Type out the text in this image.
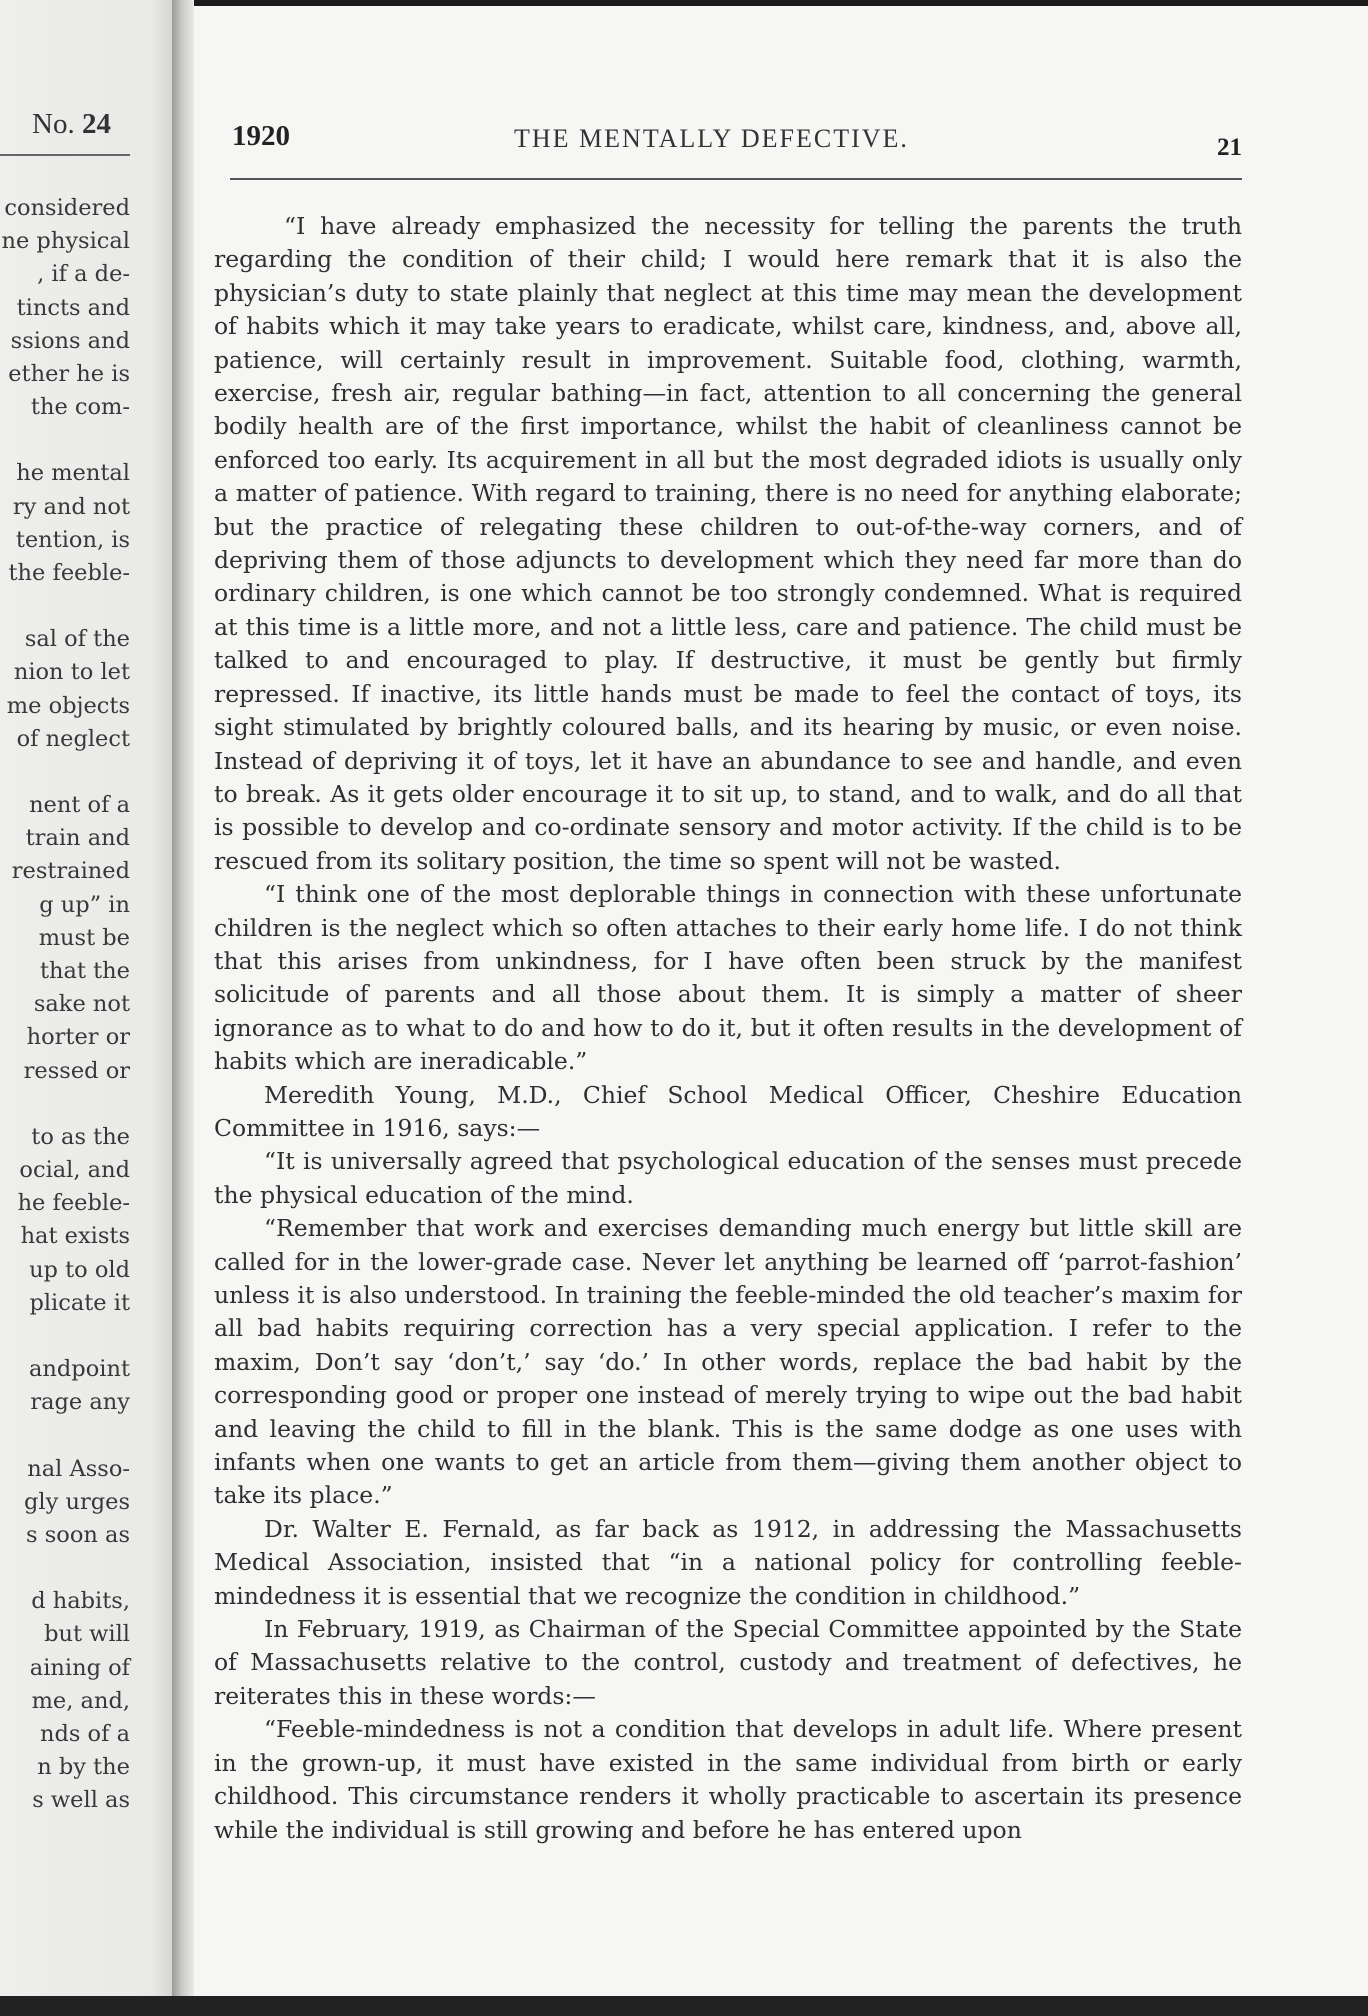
No. 24
considered
ne physical
, if a de-
tincts and
ssions and
ether he is
the com-
he mental
ry and not
tention, is
the feeble-
sal of the
nion to let
me objects
of neglect
nent of a
train and
restrained
g up” in
must be
that the
sake not
horter or
ressed or
to as the
ocial, and
he feeble-
hat exists
up to old
plicate it
andpoint
rage any
nal Asso-
gly urges
s soon as
d habits,
but will
aining of
me, and,
nds of a
n by the
s well as
1920	THE MENTALLY DEFECTIVE.	21

“I have already emphasized the necessity for telling the parents the truth regarding the condition of their child; I would here remark that it is also the physician’s duty to state plainly that neglect at this time may mean the development of habits which it may take years to eradicate, whilst care, kindness, and, above all, patience, will certainly result in improvement. Suitable food, clothing, warmth, exercise, fresh air, regular bathing—in fact, attention to all concerning the general bodily health are of the first importance, whilst the habit of cleanliness cannot be enforced too early. Its acquirement in all but the most degraded idiots is usually only a matter of patience. With regard to training, there is no need for anything elaborate; but the practice of relegating these children to out-of-the-way corners, and of depriving them of those adjuncts to development which they need far more than do ordinary children, is one which cannot be too strongly condemned. What is required at this time is a little more, and not a little less, care and patience. The child must be talked to and encouraged to play. If destructive, it must be gently but firmly repressed. If inactive, its little hands must be made to feel the contact of toys, its sight stimulated by brightly coloured balls, and its hearing by music, or even noise. Instead of depriving it of toys, let it have an abundance to see and handle, and even to break. As it gets older encourage it to sit up, to stand, and to walk, and do all that is possible to develop and co-ordinate sensory and motor activity. If the child is to be rescued from its solitary position, the time so spent will not be wasted.

“I think one of the most deplorable things in connection with these unfortunate children is the neglect which so often attaches to their early home life. I do not think that this arises from unkindness, for I have often been struck by the manifest solicitude of parents and all those about them. It is simply a matter of sheer ignorance as to what to do and how to do it, but it often results in the development of habits which are ineradicable.”

Meredith Young, M.D., Chief School Medical Officer, Cheshire Education Committee in 1916, says:—

“It is universally agreed that psychological education of the senses must precede the physical education of the mind.

“Remember that work and exercises demanding much energy but little skill are called for in the lower-grade case. Never let anything be learned off ‘parrot-fashion’ unless it is also understood. In training the feeble-minded the old teacher’s maxim for all bad habits requiring correction has a very special application. I refer to the maxim, Don’t say ‘don’t,’ say ‘do.’ In other words, replace the bad habit by the corresponding good or proper one instead of merely trying to wipe out the bad habit and leaving the child to fill in the blank. This is the same dodge as one uses with infants when one wants to get an article from them—giving them another object to take its place.”

Dr. Walter E. Fernald, as far back as 1912, in addressing the Massachusetts Medical Association, insisted that “in a national policy for controlling feeble-mindedness it is essential that we recognize the condition in childhood.”

In February, 1919, as Chairman of the Special Committee appointed by the State of Massachusetts relative to the control, custody and treatment of defectives, he reiterates this in these words:—

“Feeble-mindedness is not a condition that develops in adult life. Where present in the grown-up, it must have existed in the same individual from birth or early childhood. This circumstance renders it wholly practicable to ascertain its presence while the individual is still growing and before he has entered upon
